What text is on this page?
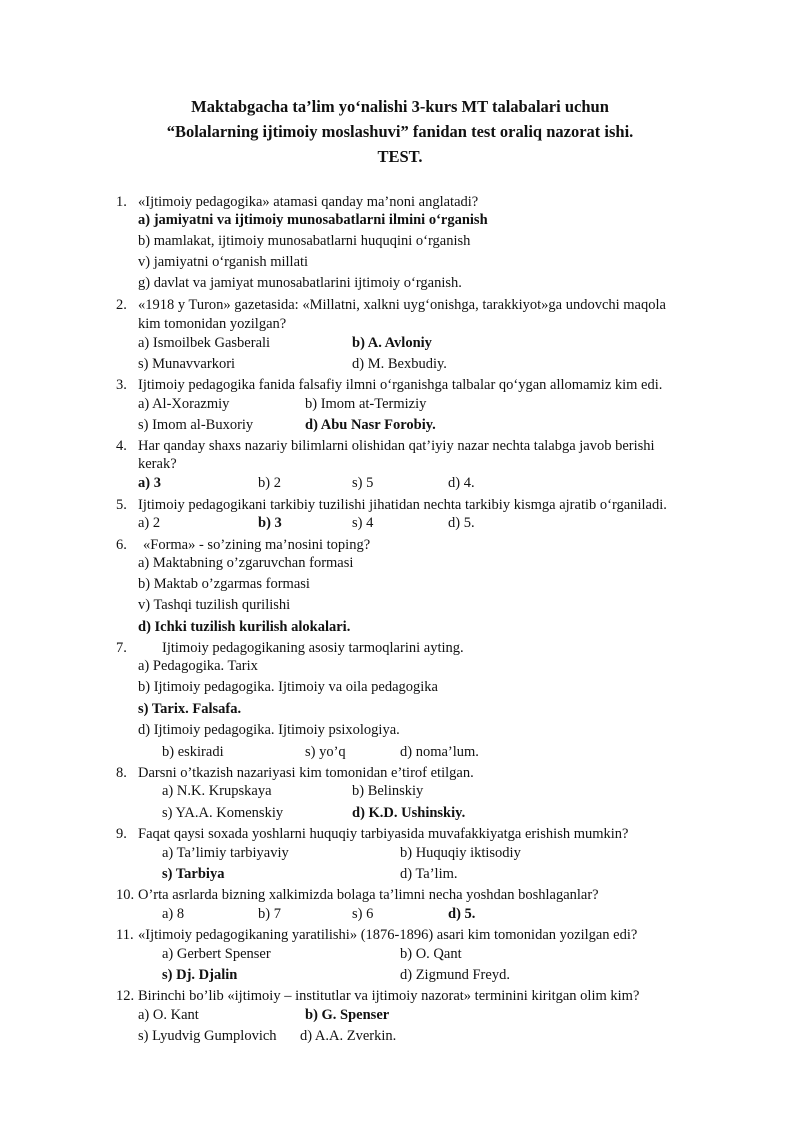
Maktabgacha ta’lim yo‘nalishi 3-kurs MT talabalari uchun
“Bolalarning ijtimoiy moslashuvi” fanidan test oraliq nazorat ishi.
TEST.
1. «Ijtimoiy pedagogika» atamasi qanday ma’noni anglatadi?
a) jamiyatni va ijtimoiy munosabatlarni ilmini o‘rganish
b) mamlakat, ijtimoiy munosabatlarni huquqini o‘rganish
v) jamiyatni o‘rganish millati
g) davlat va jamiyat munosabatlarini ijtimoiy o‘rganish.
2. «1918 y Turon» gazetasida: «Millatni, xalkni uyg‘onishga, tarakkiyot»ga undovchi maqola
kim tomonidan yozilgan?
a) Ismoilbek Gasberali	b) A. Avloniy
s) Munavvarkori	d) M. Bexbudiy.
3. Ijtimoiy pedagogika fanida falsafiy ilmni o‘rganishga talbalar qo‘ygan allomamiz kim edi.
a) Al-Xorazmiy	b) Imom at-Termiziy
s) Imom al-Buxoriy	d) Abu Nasr Forobiy.
4. Har qanday shaxs nazariy bilimlarni olishidan qat’iyiy nazar nechta talabga javob berishi
kerak?
a) 3	b) 2	s) 5	d) 4.
5. Ijtimoiy pedagogikani tarkibiy tuzilishi jihatidan nechta tarkibiy kismga ajratib o‘rganiladi.
a) 2	b) 3	s) 4	d) 5.
6. «Forma» - so’zining ma’nosini toping?
a) Maktabning o’zgaruvchan formasi
b) Maktab o’zgarmas formasi
v) Tashqi tuzilish qurilishi
d) Ichki tuzilish kurilish alokalari.
7. Ijtimoiy pedagogikaning asosiy tarmoqlarini ayting.
a) Pedagogika. Tarix
b) Ijtimoiy pedagogika. Ijtimoiy va oila pedagogika
s) Tarix. Falsafa.
d) Ijtimoiy pedagogika. Ijtimoiy psixologiya.
b) eskiradi	s) yo’q	d) noma’lum.
8. Darsni o’tkazish nazariyasi kim tomonidan e’tirof etilgan.
a) N.K. Krupskaya	b) Belinskiy
s) YA.A. Komenskiy	d) K.D. Ushinskiy.
9. Faqat qaysi soxada yoshlarni huquqiy tarbiyasida muvafakkiyatga erishish mumkin?
a) Ta’limiy tarbiyaviy	b) Huquqiy iktisodiy
s) Tarbiya	d) Ta’lim.
10. O’rta asrlarda bizning xalkimizda bolaga ta’limni necha yoshdan boshlaganlar?
a) 8	b) 7	s) 6	d) 5.
11. «Ijtimoiy pedagogikaning yaratilishi» (1876-1896) asari kim tomonidan yozilgan edi?
a) Gerbert Spenser	b) O. Qant
s) Dj. Djalin	d) Zigmund Freyd.
12. Birinchi bo’lib «ijtimoiy – institutlar va ijtimoiy nazorat» terminini kiritgan olim kim?
a) O. Kant	b) G. Spenser
s) Lyudvig Gumplovich d) A.A. Zverkin.
